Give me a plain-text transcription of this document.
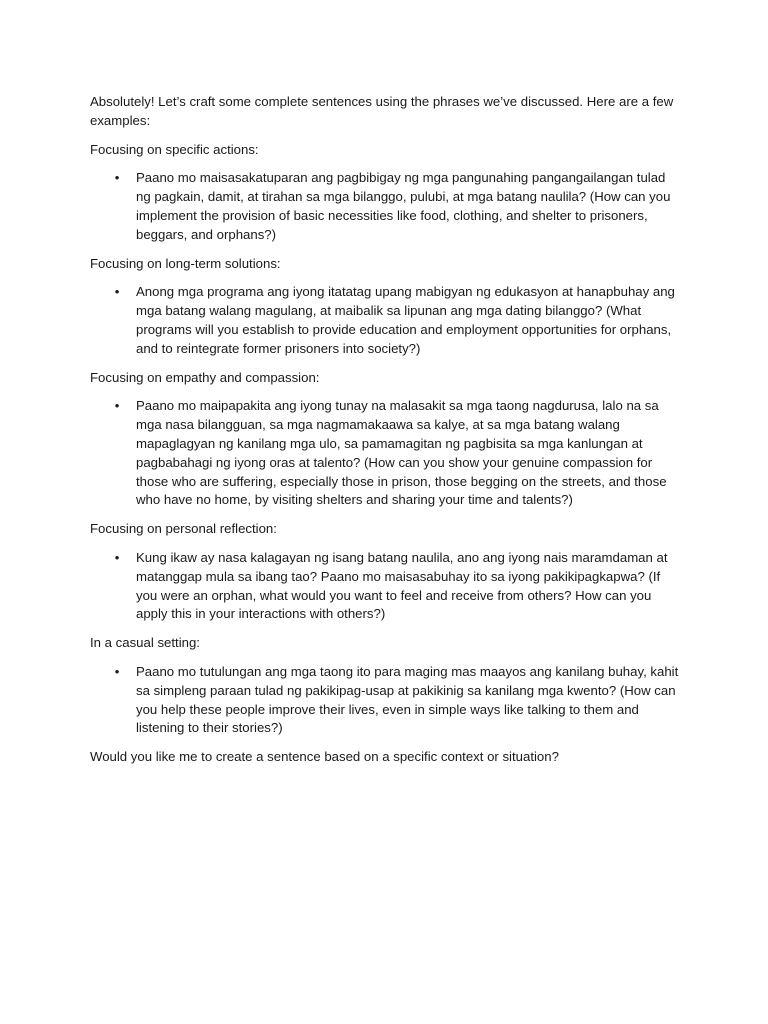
Absolutely! Let’s craft some complete sentences using the phrases we’ve discussed. Here are a few examples:

Focusing on specific actions:

• Paano mo maisasakatuparan ang pagbibigay ng mga pangunahing pangangailangan tulad ng pagkain, damit, at tirahan sa mga bilanggo, pulubi, at mga batang naulila? (How can you implement the provision of basic necessities like food, clothing, and shelter to prisoners, beggars, and orphans?)

Focusing on long-term solutions:

• Anong mga programa ang iyong itatatag upang mabigyan ng edukasyon at hanapbuhay ang mga batang walang magulang, at maibalik sa lipunan ang mga dating bilanggo? (What programs will you establish to provide education and employment opportunities for orphans, and to reintegrate former prisoners into society?)

Focusing on empathy and compassion:

• Paano mo maipapakita ang iyong tunay na malasakit sa mga taong nagdurusa, lalo na sa mga nasa bilangguan, sa mga nagmamakaawa sa kalye, at sa mga batang walang mapaglagyan ng kanilang mga ulo, sa pamamagitan ng pagbisita sa mga kanlungan at pagbabahagi ng iyong oras at talento? (How can you show your genuine compassion for those who are suffering, especially those in prison, those begging on the streets, and those who have no home, by visiting shelters and sharing your time and talents?)

Focusing on personal reflection:

• Kung ikaw ay nasa kalagayan ng isang batang naulila, ano ang iyong nais maramdaman at matanggap mula sa ibang tao? Paano mo maisasabuhay ito sa iyong pakikipagkapwa? (If you were an orphan, what would you want to feel and receive from others? How can you apply this in your interactions with others?)

In a casual setting:

• Paano mo tutulungan ang mga taong ito para maging mas maayos ang kanilang buhay, kahit sa simpleng paraan tulad ng pakikipag-usap at pakikinig sa kanilang mga kwento? (How can you help these people improve their lives, even in simple ways like talking to them and listening to their stories?)

Would you like me to create a sentence based on a specific context or situation?
